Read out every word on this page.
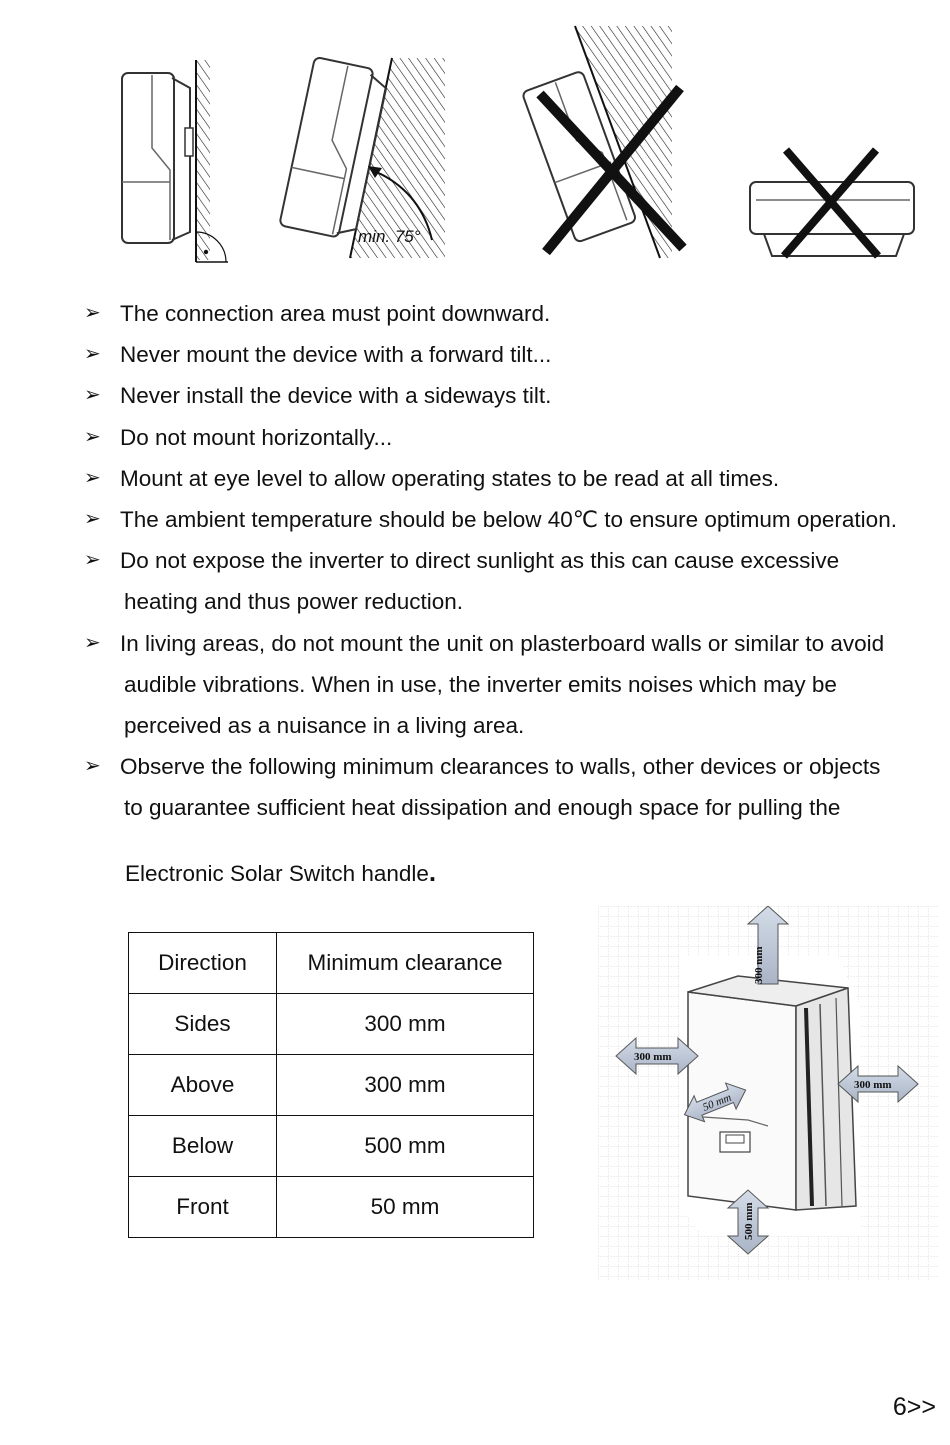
min. 75°
➢ The connection area must point downward.
➢ Never mount the device with a forward tilt...
➢ Never install the device with a sideways tilt.
➢ Do not mount horizontally...
➢ Mount at eye level to allow operating states to be read at all times.
➢ The ambient temperature should be below 40℃ to ensure optimum operation.
➢ Do not expose the inverter to direct sunlight as this can cause excessive
heating and thus power reduction.
➢ In living areas, do not mount the unit on plasterboard walls or similar to avoid
audible vibrations. When in use, the inverter emits noises which may be
perceived as a nuisance in a living area.
➢ Observe the following minimum clearances to walls, other devices or objects
to guarantee sufficient heat dissipation and enough space for pulling the
Electronic Solar Switch handle.
Direction	Minimum clearance
Sides	300 mm
Above	300 mm
Below	500 mm
Front	50 mm
300 mm
300 mm
300 mm
50 mm
500 mm
6>>
